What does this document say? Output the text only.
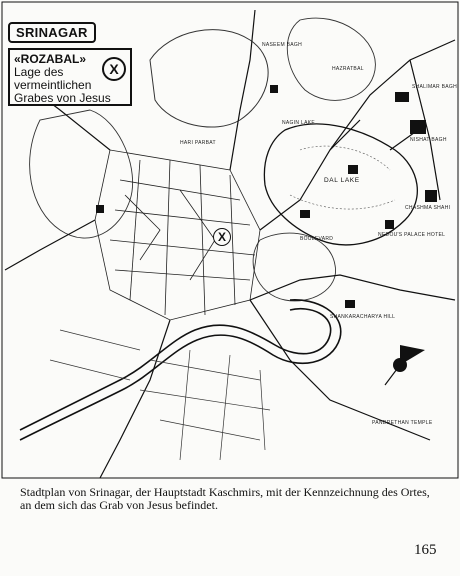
SRINAGAR
«ROZABAL»
Lage des
vermeintlichen
Grabes von Jesus
X
X
DAL LAKE
SHALIMAR BAGH
NISHAT BAGH
CHASHMA SHAHI
NEDOU'S PALACE HOTEL
SHANKARACHARYA HILL
PANDRETHAN TEMPLE
NASEEM BAGH
HAZRATBAL
NAGIN LAKE
BOULEVARD
HARI PARBAT
Stadtplan von Srinagar, der Hauptstadt Kaschmirs, mit der Kennzeichnung des Ortes, an dem sich das Grab von Jesus befindet.
165
